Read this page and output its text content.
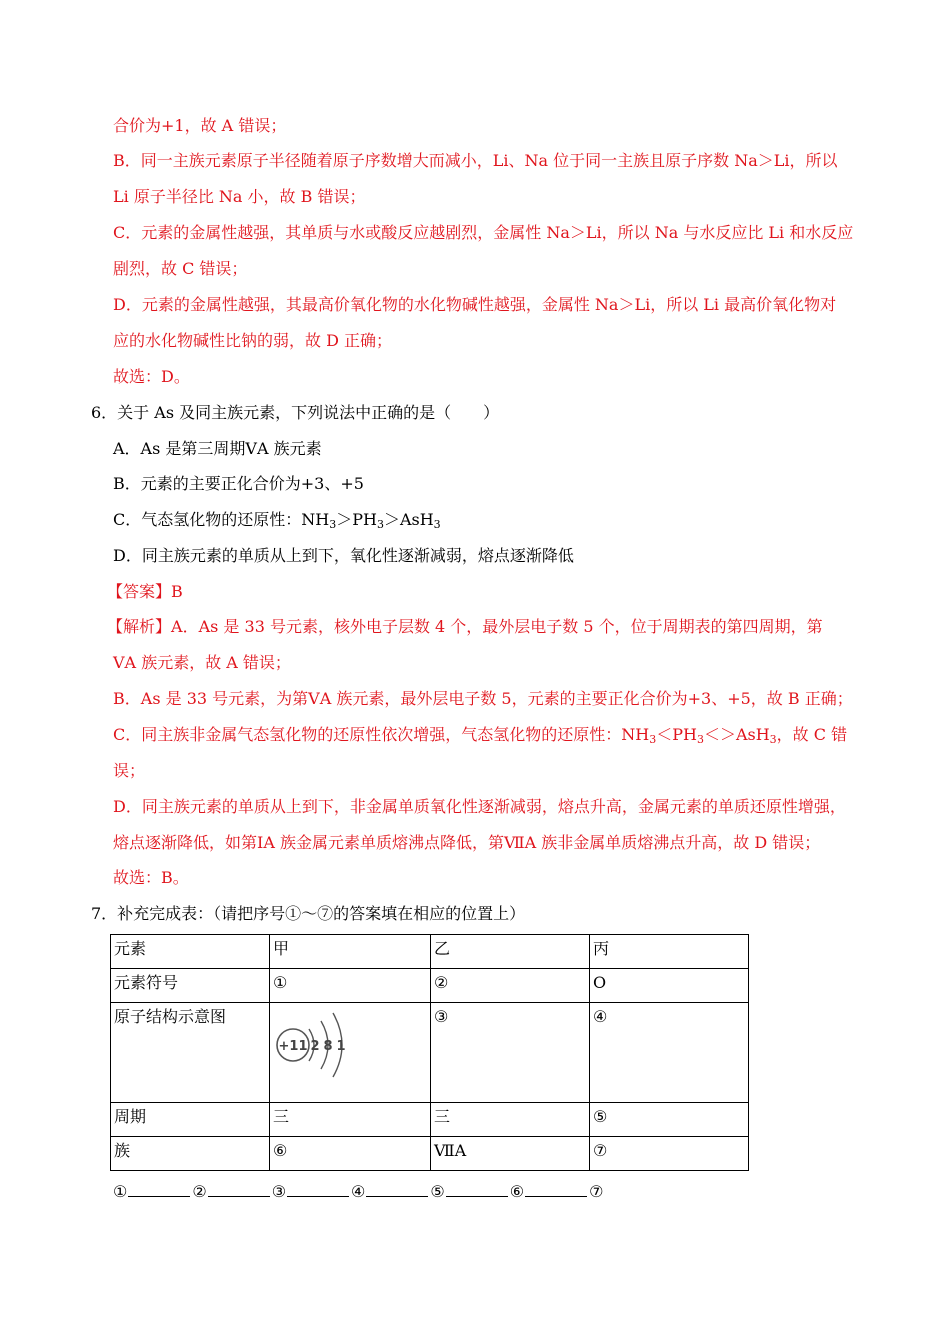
合价为+1，故 A 错误；
B．同一主族元素原子半径随着原子序数增大而减小，Li、Na 位于同一主族且原子序数 Na＞Li，所以
Li 原子半径比 Na 小，故 B 错误；
C．元素的金属性越强，其单质与水或酸反应越剧烈，金属性 Na＞Li，所以 Na 与水反应比 Li 和水反应
剧烈，故 C 错误；
D．元素的金属性越强，其最高价氧化物的水化物碱性越强，金属性 Na＞Li，所以 Li 最高价氧化物对
应的水化物碱性比钠的弱，故 D 正确；
故选：D。
6．关于 As 及同主族元素，下列说法中正确的是（　　）
A．As 是第三周期ⅤA 族元素
B．元素的主要正化合价为+3、+5
C．气态氢化物的还原性：$NH_3>PH_3>AsH_3$
D．同主族元素的单质从上到下，氧化性逐渐减弱，熔点逐渐降低
【答案】B
【解析】A．As 是 33 号元素，核外电子层数 4 个，最外层电子数 5 个，位于周期表的第四周期，第
ⅤA 族元素，故 A 错误；
B．As 是 33 号元素，为第ⅤA 族元素，最外层电子数 5，元素的主要正化合价为+3、+5，故 B 正确；
C．同主族非金属气态氢化物的还原性依次增强，气态氢化物的还原性：$NH_3<PH_3<>AsH_3$，故 C 错
误；
D．同主族元素的单质从上到下，非金属单质氧化性逐渐减弱，熔点升高，金属元素的单质还原性增强，
熔点逐渐降低，如第ⅠA 族金属元素单质熔沸点降低，第ⅦA 族非金属单质熔沸点升高，故 D 错误；
故选：B。
7．补充完成表：（请把序号①～⑦的答案填在相应的位置上）
元素	甲	乙	丙
元素符号	①	②	O
原子结构示意图	+11 2 8 1	③	④
周期	三	三	⑤
族	⑥	ⅦA	⑦
①	②	③	④	⑤	⑥	⑦
